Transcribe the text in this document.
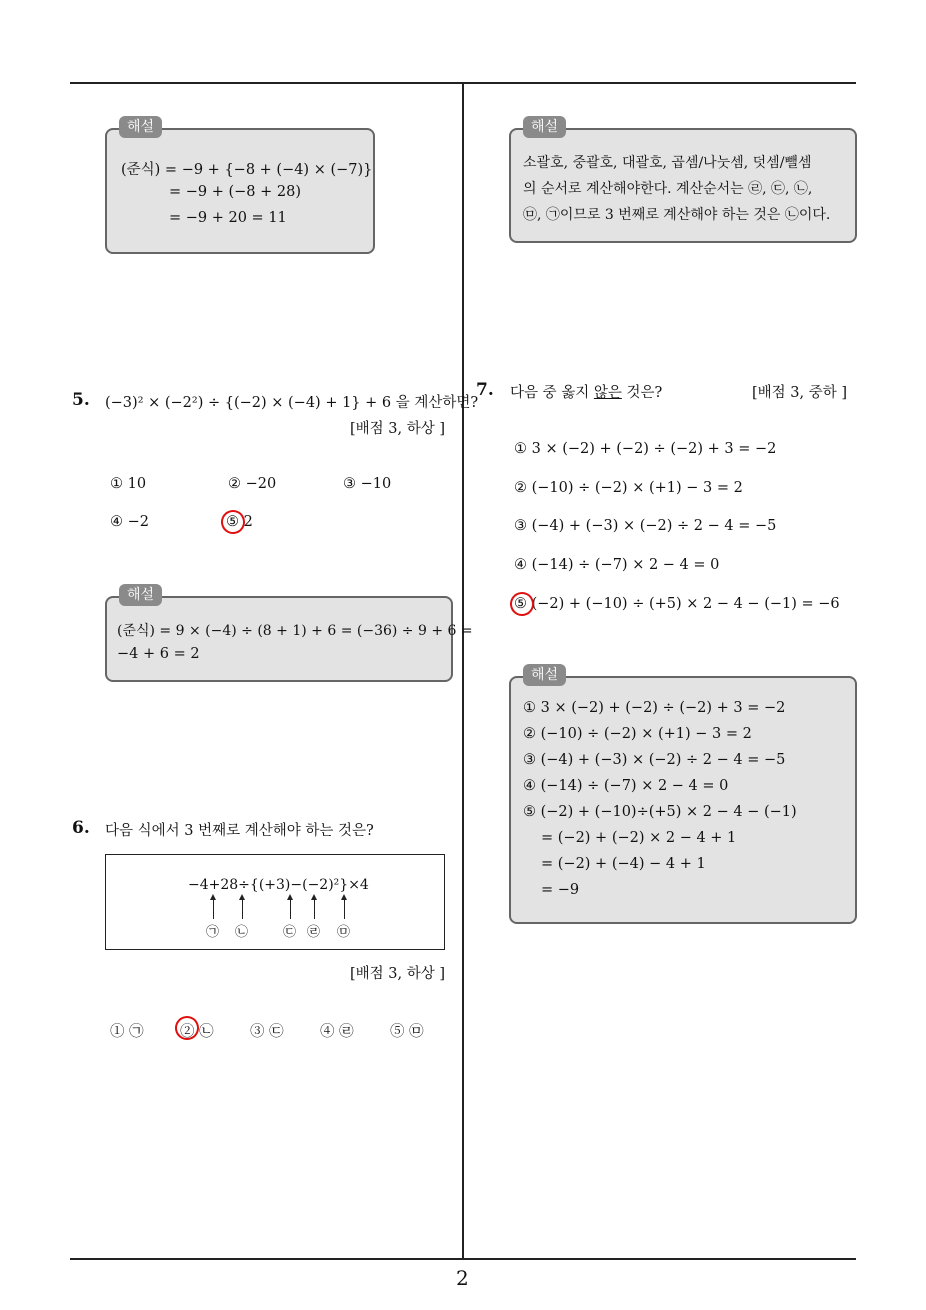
2
해설
(준식) = −9 + {−8 + (−4) × (−7)}
= −9 + (−8 + 28)
= −9 + 20 = 11
5. (−3)² × (−2²) ÷ {(−2) × (−4) + 1} + 6 을 계산하면?
[배점 3, 하상 ]
① 10	② −20	③ −10
④ −2	⑤ 2
해설
(준식) = 9 × (−4) ÷ (8 + 1) + 6 = (−36) ÷ 9 + 6 =
−4 + 6 = 2
6. 다음 식에서 3 번째로 계산해야 하는 것은?
−4+28÷{(+3)−(−2)²}×4
㉠ ㉡	㉢ ㉣ ㉤
[배점 3, 하상 ]
① ㉠	② ㉡	③ ㉢	④ ㉣	⑤ ㉤
해설
소괄호, 중괄호, 대괄호, 곱셈/나눗셈, 덧셈/뺄셈
의 순서로 계산해야한다. 계산순서는 ㉣, ㉢, ㉡,
㉤, ㉠이므로 3 번째로 계산해야 하는 것은 ㉡이다.
7. 다음 중 옳지 않은 것은?	[배점 3, 중하 ]
① 3 × (−2) + (−2) ÷ (−2) + 3 = −2
② (−10) ÷ (−2) × (+1) − 3 = 2
③ (−4) + (−3) × (−2) ÷ 2 − 4 = −5
④ (−14) ÷ (−7) × 2 − 4 = 0
⑤ (−2) + (−10) ÷ (+5) × 2 − 4 − (−1) = −6
해설
① 3 × (−2) + (−2) ÷ (−2) + 3 = −2
② (−10) ÷ (−2) × (+1) − 3 = 2
③ (−4) + (−3) × (−2) ÷ 2 − 4 = −5
④ (−14) ÷ (−7) × 2 − 4 = 0
⑤ (−2) + (−10)÷(+5) × 2 − 4 − (−1)
= (−2) + (−2) × 2 − 4 + 1
= (−2) + (−4) − 4 + 1
= −9
